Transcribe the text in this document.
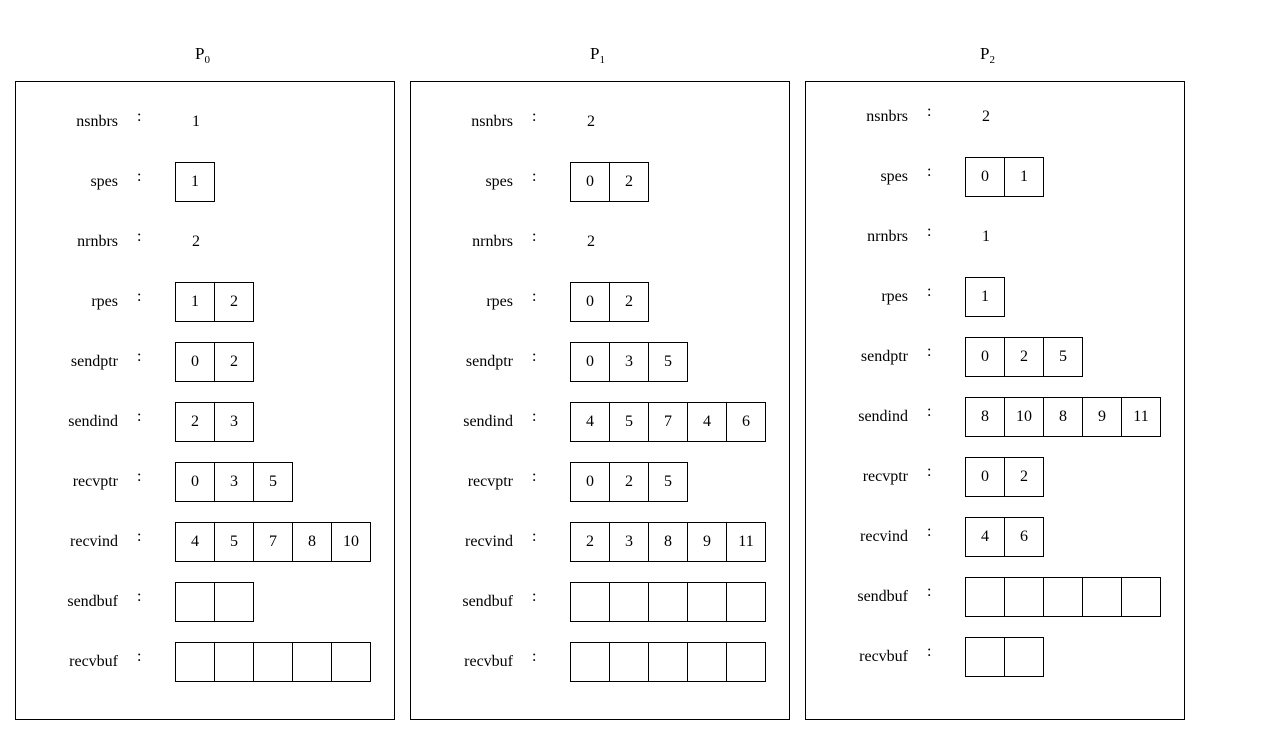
$P_0$
nsnbrs :	1
spes :	1
nrnbrs :	2
rpes :	1	2
sendptr :	0	2
sendind :	2	3
recvptr :	0	3	5
recvind :	4	5	7	8	10
sendbuf :
recvbuf :
$P_1$
nsnbrs :	2
spes :	0	2
nrnbrs :	2
rpes :	0	2
sendptr :	0	3	5
sendind :	4	5	7	4	6
recvptr :	0	2	5
recvind :	2	3	8	9	11
sendbuf :
recvbuf :
$P_2$
nsnbrs :	2
spes :	0	1
nrnbrs :	1
rpes :	1
sendptr :	0	2	5
sendind :	8	10	8	9	11
recvptr :	0	2
recvind :	4	6
sendbuf :
recvbuf :
